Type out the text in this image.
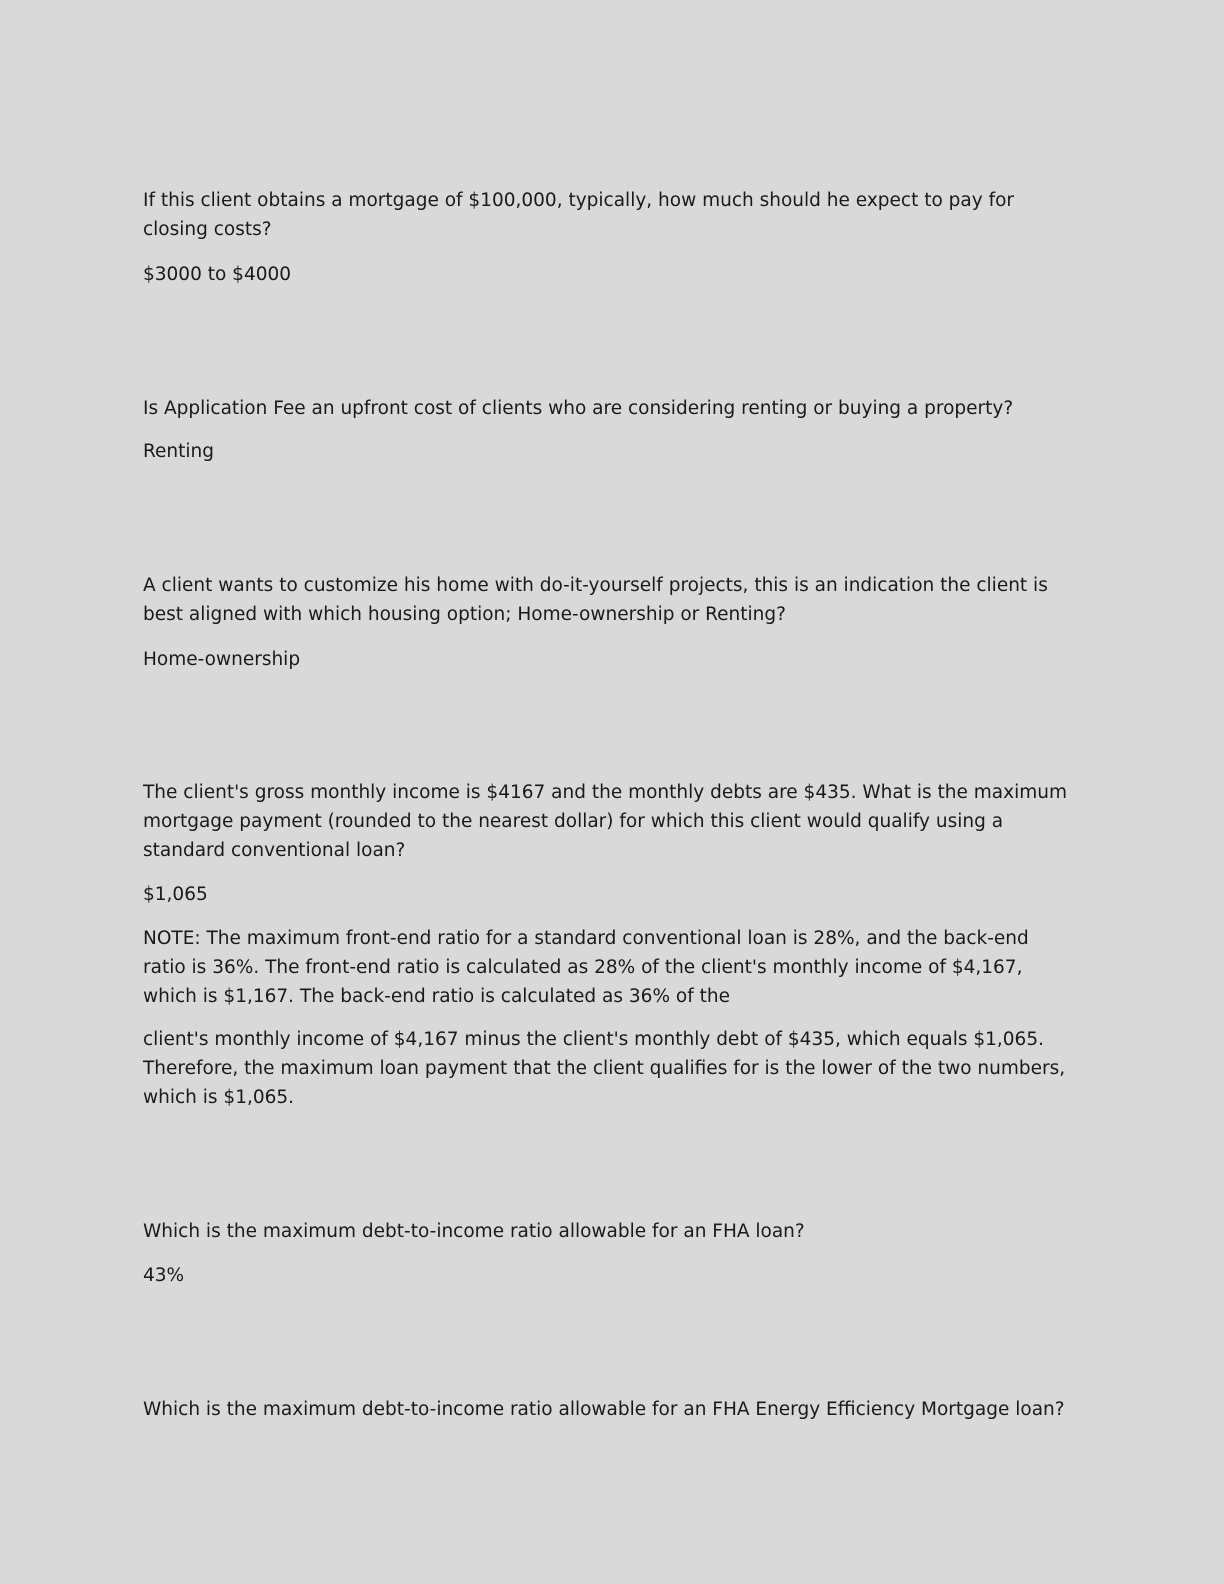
If this client obtains a mortgage of $100,000, typically, how much should he expect to pay for closing costs?

$3000 to $4000

Is Application Fee an upfront cost of clients who are considering renting or buying a property?

Renting

A client wants to customize his home with do-it-yourself projects, this is an indication the client is best aligned with which housing option; Home-ownership or Renting?

Home-ownership

The client's gross monthly income is $4167 and the monthly debts are $435. What is the maximum mortgage payment (rounded to the nearest dollar) for which this client would qualify using a standard conventional loan?

$1,065

NOTE: The maximum front-end ratio for a standard conventional loan is 28%, and the back-end ratio is 36%. The front-end ratio is calculated as 28% of the client's monthly income of $4,167, which is $1,167. The back-end ratio is calculated as 36% of the

client's monthly income of $4,167 minus the client's monthly debt of $435, which equals $1,065. Therefore, the maximum loan payment that the client qualifies for is the lower of the two numbers, which is $1,065.

Which is the maximum debt-to-income ratio allowable for an FHA loan?

43%

Which is the maximum debt-to-income ratio allowable for an FHA Energy Efficiency Mortgage loan?
